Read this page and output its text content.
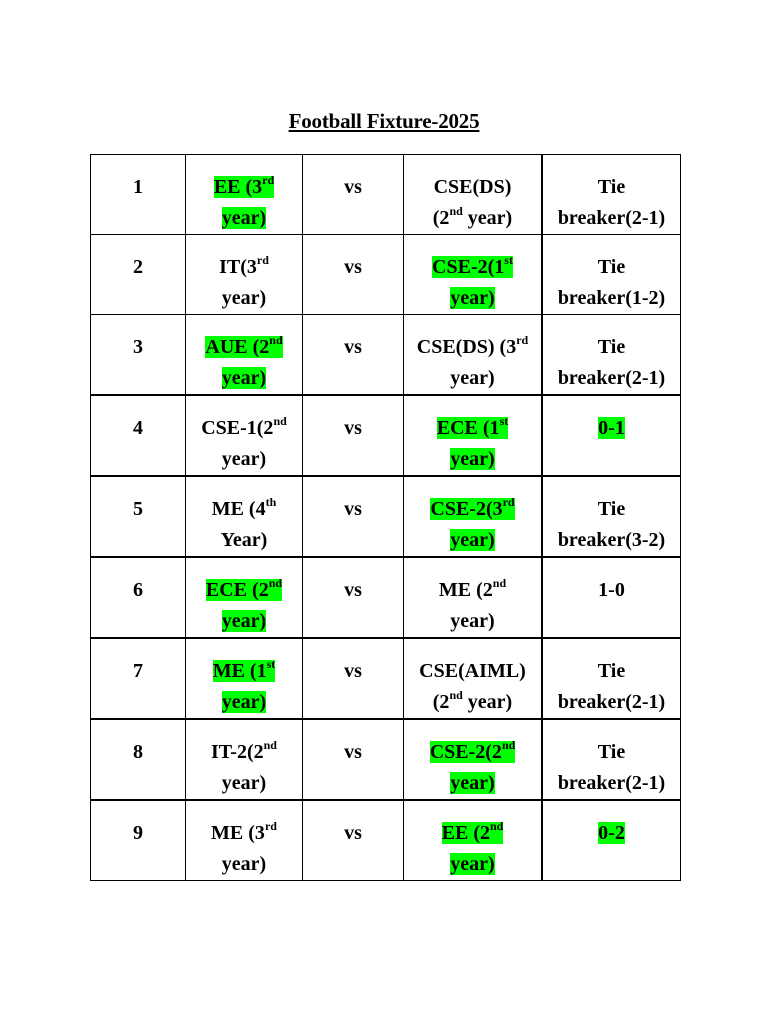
Football Fixture-2025
1	EE (3rd
year)	vs	CSE(DS)
(2nd year)	Tie
breaker(2-1)

2	IT(3rd
year)	vs	CSE-2(1st
year)	Tie
breaker(1-2)

3	AUE (2nd
year)	vs	CSE(DS) (3rd
year)	Tie
breaker(2-1)

4	CSE-1(2nd
year)	vs	ECE (1st
year)	0-1

5	ME (4th
Year)	vs	CSE-2(3rd
year)	Tie
breaker(3-2)

6	ECE (2nd
year)	vs	ME (2nd
year)	1-0

7	ME (1st
year)	vs	CSE(AIML)
(2nd year)	Tie
breaker(2-1)

8	IT-2(2nd
year)	vs	CSE-2(2nd
year)	Tie
breaker(2-1)

9	ME (3rd
year)	vs	EE (2nd
year)	0-2
